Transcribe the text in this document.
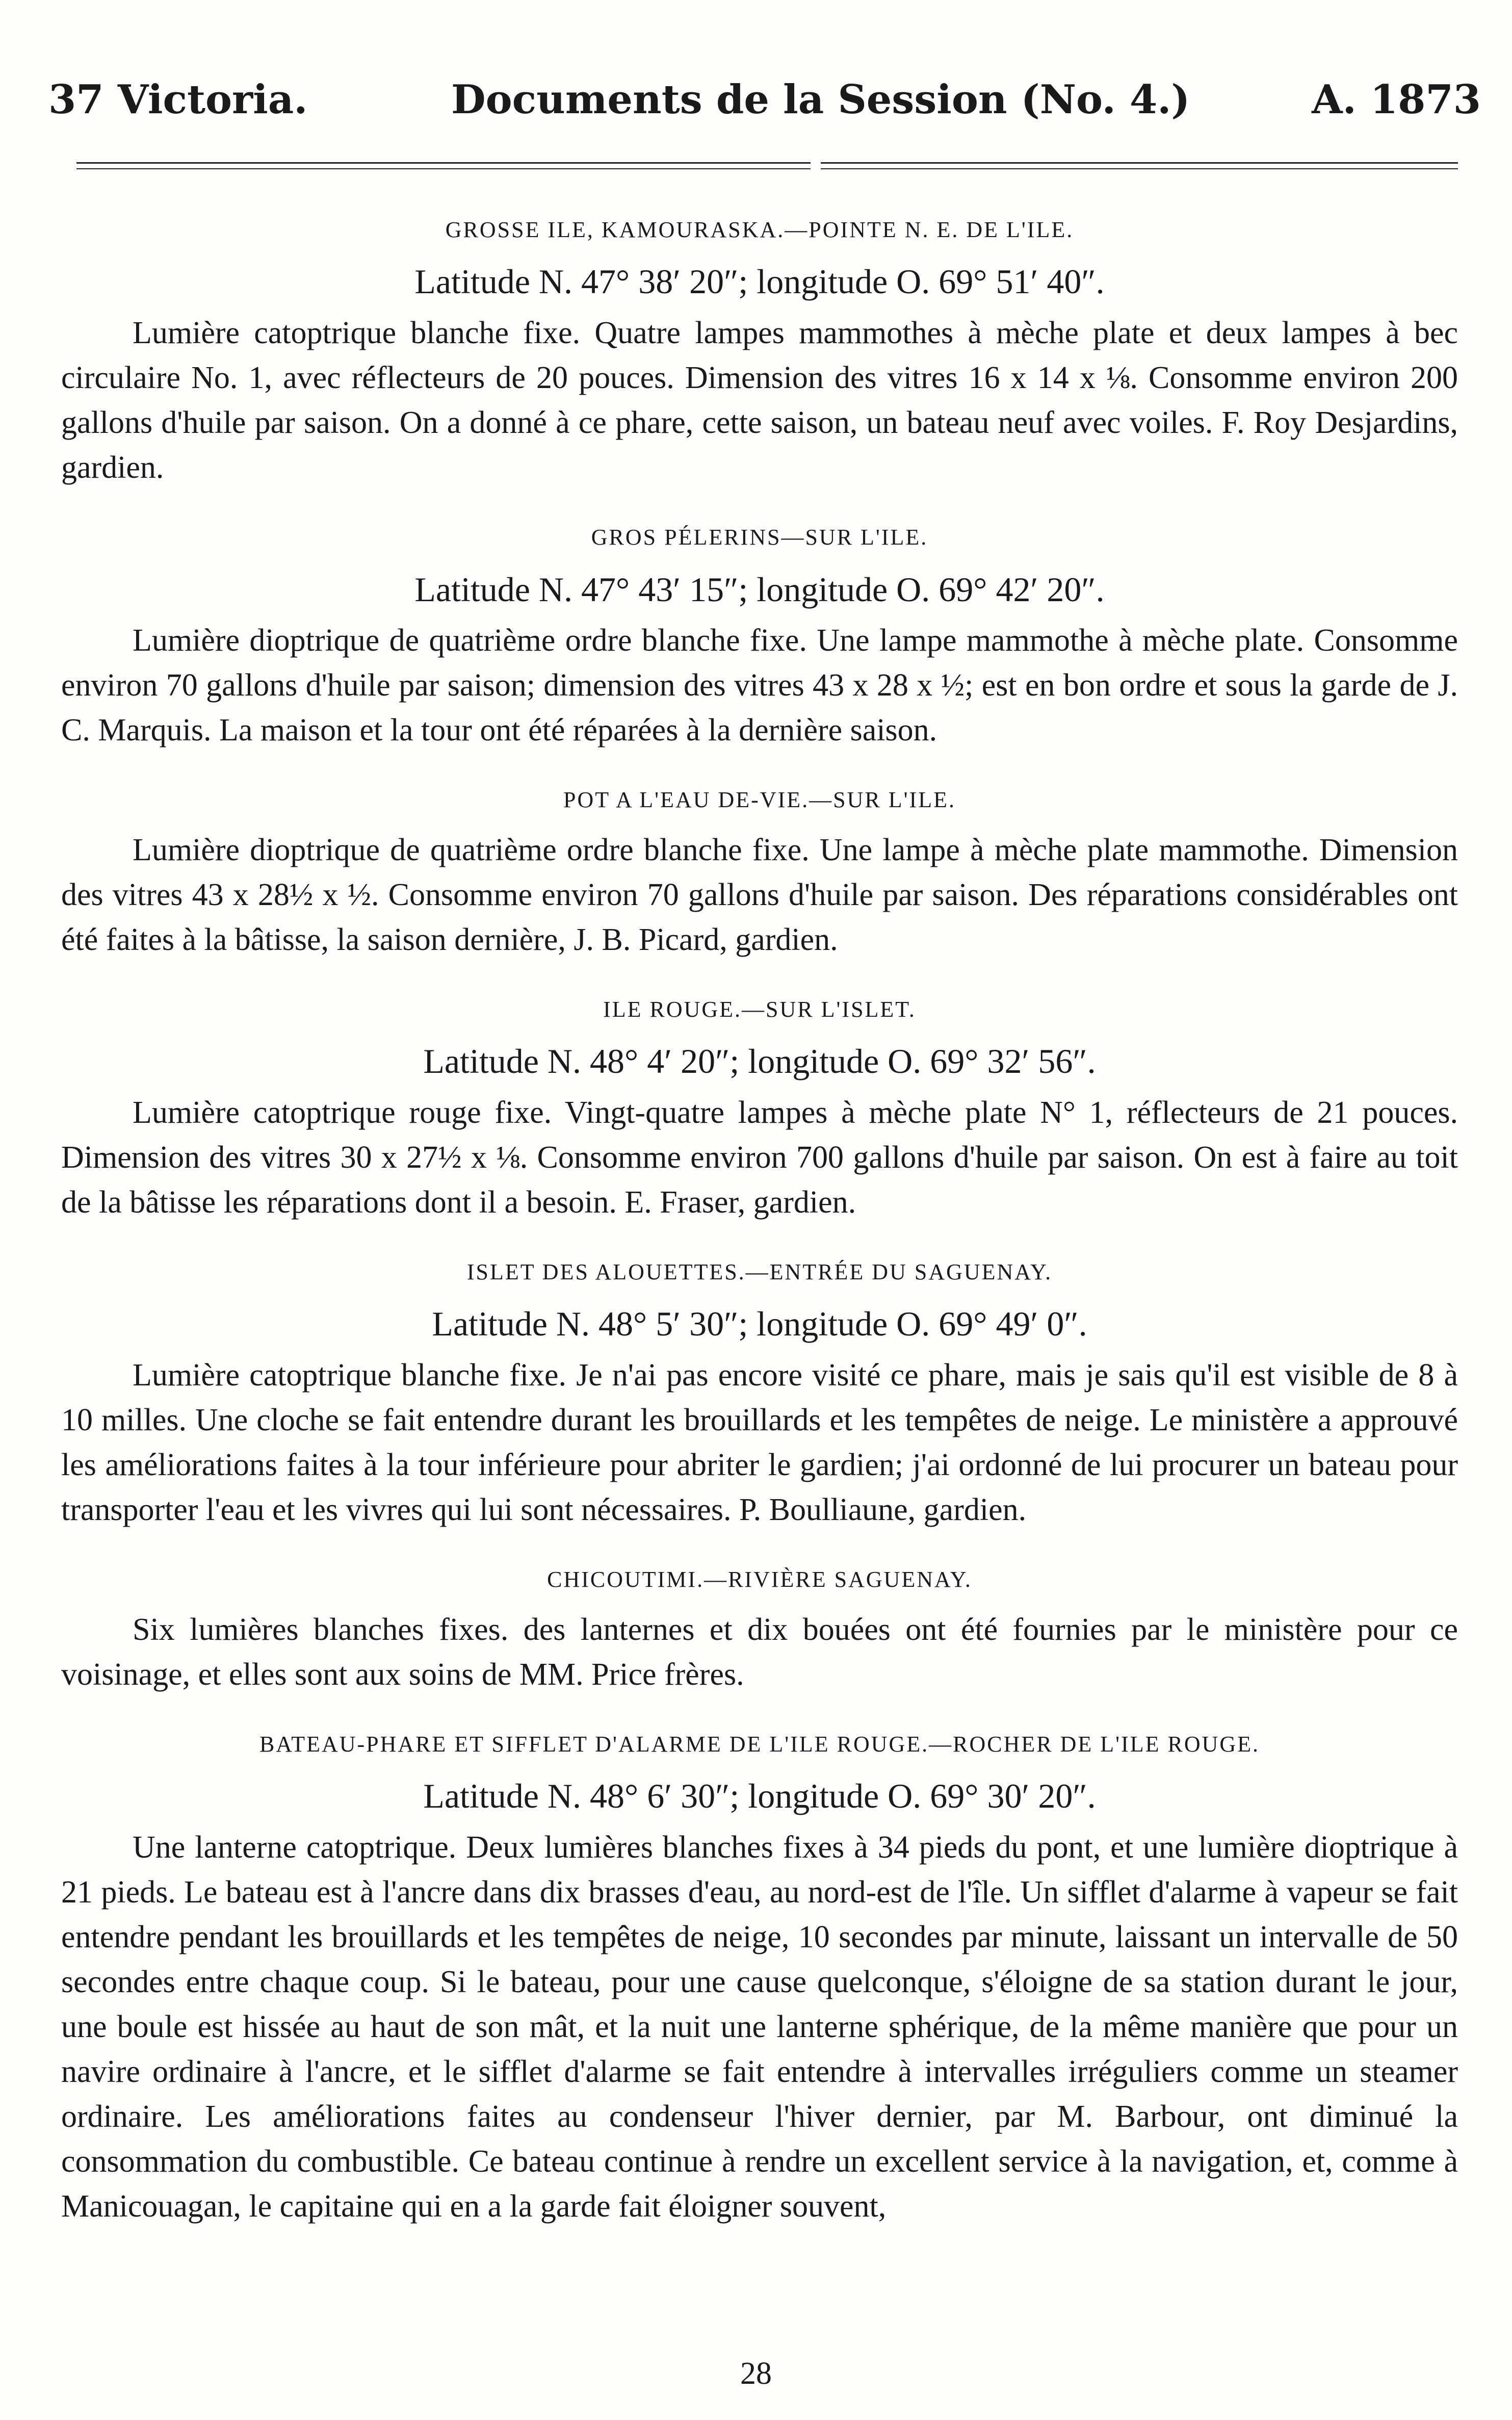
37 Victoria.	Documents de la Session (No. 4.)	A. 1873
GROSSE ILE, KAMOURASKA.—POINTE N. E. DE L'ILE.
Latitude N. 47° 38′ 20″; longitude O. 69° 51′ 40″.
Lumière catoptrique blanche fixe. Quatre lampes mammothes à mèche plate et deux lampes à bec circulaire No. 1, avec réflecteurs de 20 pouces. Dimension des vitres 16 x 14 x ⅛. Consomme environ 200 gallons d'huile par saison. On a donné à ce phare, cette saison, un bateau neuf avec voiles. F. Roy Desjardins, gardien.
GROS PÉLERINS—SUR L'ILE.
Latitude N. 47° 43′ 15″; longitude O. 69° 42′ 20″.
Lumière dioptrique de quatrième ordre blanche fixe. Une lampe mammothe à mèche plate. Consomme environ 70 gallons d'huile par saison; dimension des vitres 43 x 28 x ½; est en bon ordre et sous la garde de J. C. Marquis. La maison et la tour ont été réparées à la dernière saison.
POT A L'EAU DE-VIE.—SUR L'ILE.
Lumière dioptrique de quatrième ordre blanche fixe. Une lampe à mèche plate mammothe. Dimension des vitres 43 x 28½ x ½. Consomme environ 70 gallons d'huile par saison. Des réparations considérables ont été faites à la bâtisse, la saison dernière, J. B. Picard, gardien.
ILE ROUGE.—SUR L'ISLET.
Latitude N. 48° 4′ 20″; longitude O. 69° 32′ 56″.
Lumière catoptrique rouge fixe. Vingt-quatre lampes à mèche plate N° 1, réflecteurs de 21 pouces. Dimension des vitres 30 x 27½ x ⅛. Consomme environ 700 gallons d'huile par saison. On est à faire au toit de la bâtisse les réparations dont il a besoin. E. Fraser, gardien.
ISLET DES ALOUETTES.—ENTRÉE DU SAGUENAY.
Latitude N. 48° 5′ 30″; longitude O. 69° 49′ 0″.
Lumière catoptrique blanche fixe. Je n'ai pas encore visité ce phare, mais je sais qu'il est visible de 8 à 10 milles. Une cloche se fait entendre durant les brouillards et les tempêtes de neige. Le ministère a approuvé les améliorations faites à la tour inférieure pour abriter le gardien; j'ai ordonné de lui procurer un bateau pour transporter l'eau et les vivres qui lui sont nécessaires. P. Boulliaune, gardien.
CHICOUTIMI.—RIVIÈRE SAGUENAY.
Six lumières blanches fixes. des lanternes et dix bouées ont été fournies par le ministère pour ce voisinage, et elles sont aux soins de MM. Price frères.
BATEAU-PHARE ET SIFFLET D'ALARME DE L'ILE ROUGE.—ROCHER DE L'ILE ROUGE.
Latitude N. 48° 6′ 30″; longitude O. 69° 30′ 20″.
Une lanterne catoptrique. Deux lumières blanches fixes à 34 pieds du pont, et une lumière dioptrique à 21 pieds. Le bateau est à l'ancre dans dix brasses d'eau, au nord-est de l'île. Un sifflet d'alarme à vapeur se fait entendre pendant les brouillards et les tempêtes de neige, 10 secondes par minute, laissant un intervalle de 50 secondes entre chaque coup. Si le bateau, pour une cause quelconque, s'éloigne de sa station durant le jour, une boule est hissée au haut de son mât, et la nuit une lanterne sphérique, de la même manière que pour un navire ordinaire à l'ancre, et le sifflet d'alarme se fait entendre à intervalles irréguliers comme un steamer ordinaire. Les améliorations faites au condenseur l'hiver dernier, par M. Barbour, ont diminué la consommation du combustible. Ce bateau continue à rendre un excellent service à la navigation, et, comme à Manicouagan, le capitaine qui en a la garde fait éloigner souvent,
28
